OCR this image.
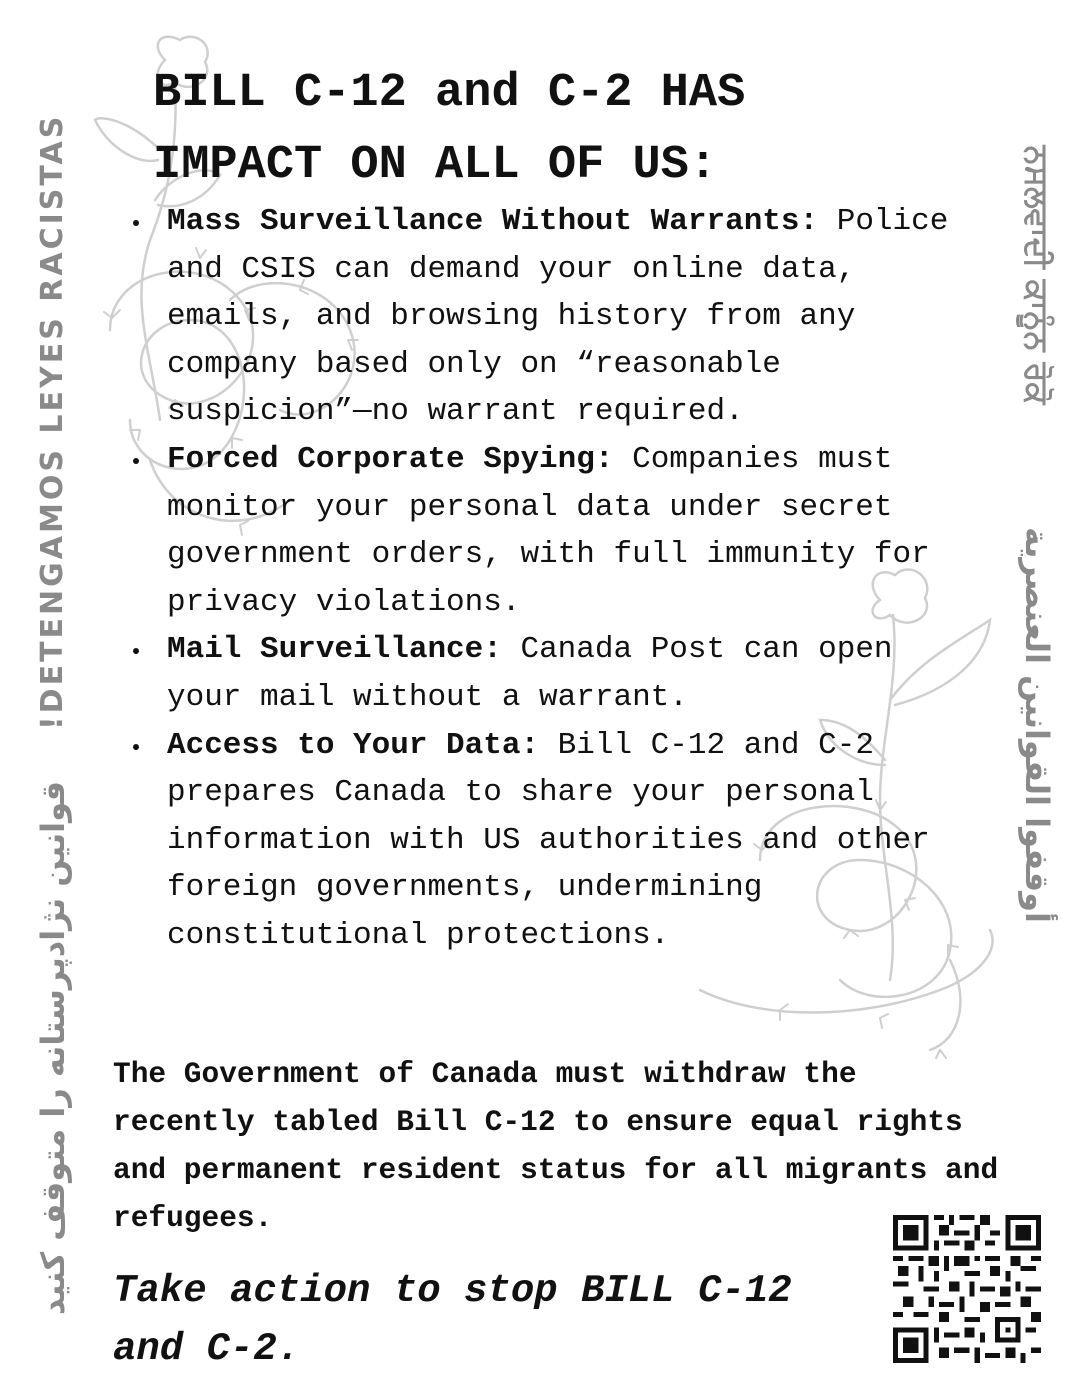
BILL C-12 and C-2 HAS
IMPACT ON ALL OF US:
Mass Surveillance Without Warrants: Police and CSIS can demand your online data, emails, and browsing history from any company based only on “reasonable suspicion”—no warrant required.
Forced Corporate Spying: Companies must monitor your personal data under secret government orders, with full immunity for privacy violations.
Mail Surveillance: Canada Post can open your mail without a warrant.
Access to Your Data: Bill C-12 and C-2 prepares Canada to share your personal information with US authorities and other foreign governments, undermining constitutional protections.

The Government of Canada must withdraw the recently tabled Bill C-12 to ensure equal rights and permanent resident status for all migrants and refugees.

Take action to stop BILL C-12 and C-2.

!DETENGAMOS LEYES RACISTAS
قوانین نژادپرستانه را متوقف کنید
ਨਸਲਵਾਦੀ ਕਾਨੂੰਨ ਰੋਕੋ
أوقفوا القوانين العنصرية
